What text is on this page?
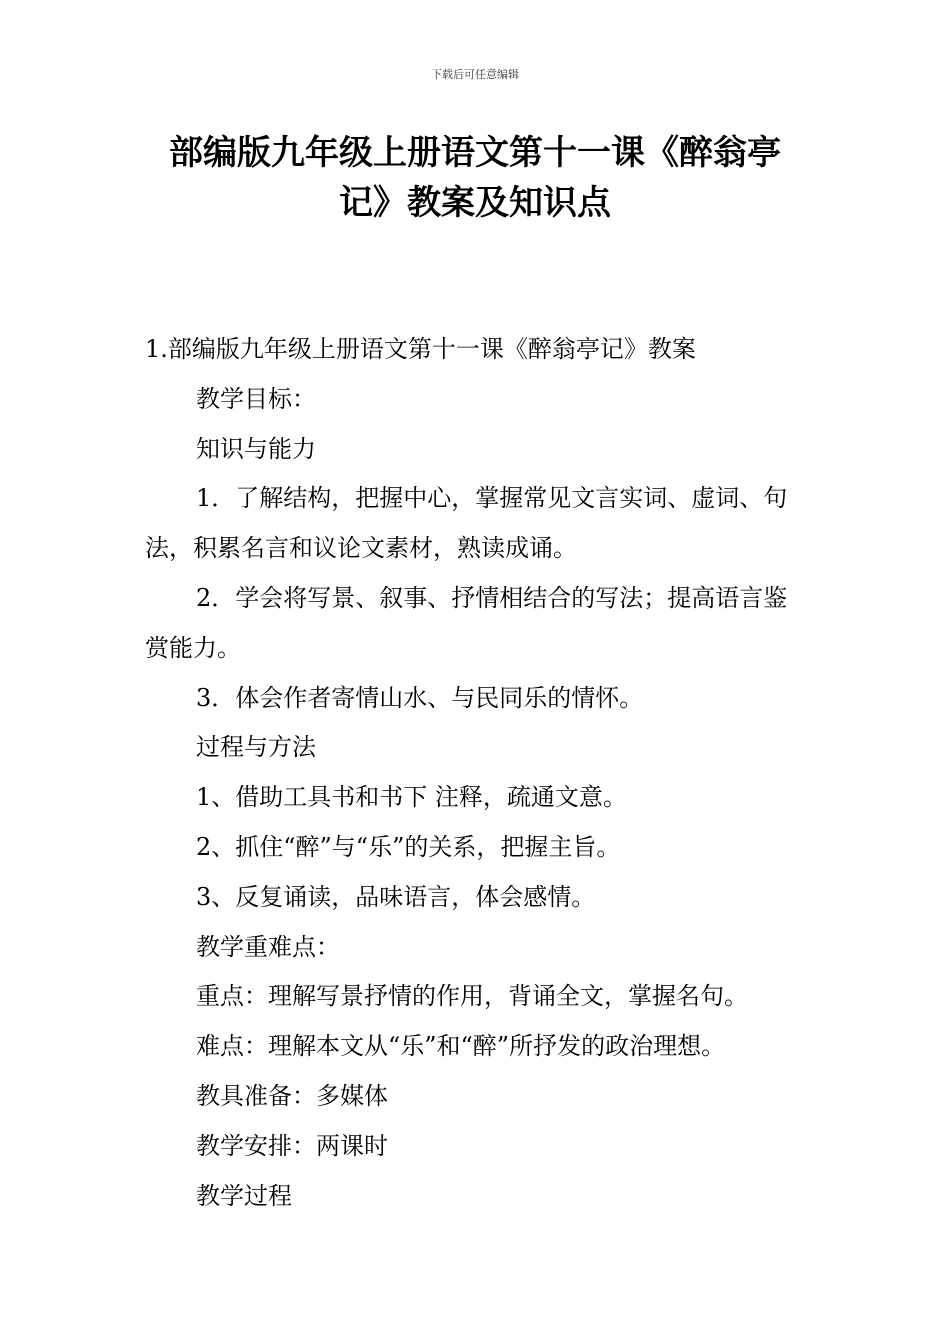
下载后可任意编辑
部编版九年级上册语文第十一课《醉翁亭
记》教案及知识点

1.部编版九年级上册语文第十一课《醉翁亭记》教案

教学目标：

知识与能力

1．了解结构，把握中心，掌握常见文言实词、虚词、句法，积累名言和议论文素材，熟读成诵。

2．学会将写景、叙事、抒情相结合的写法；提高语言鉴赏能力。

3．体会作者寄情山水、与民同乐的情怀。

过程与方法

1、借助工具书和书下 注释，疏通文意。

2、抓住“醉”与“乐”的关系，把握主旨。

3、反复诵读，品味语言，体会感情。

教学重难点：

重点：理解写景抒情的作用，背诵全文，掌握名句。

难点：理解本文从“乐”和“醉”所抒发的政治理想。

教具准备：多媒体

教学安排：两课时

教学过程
